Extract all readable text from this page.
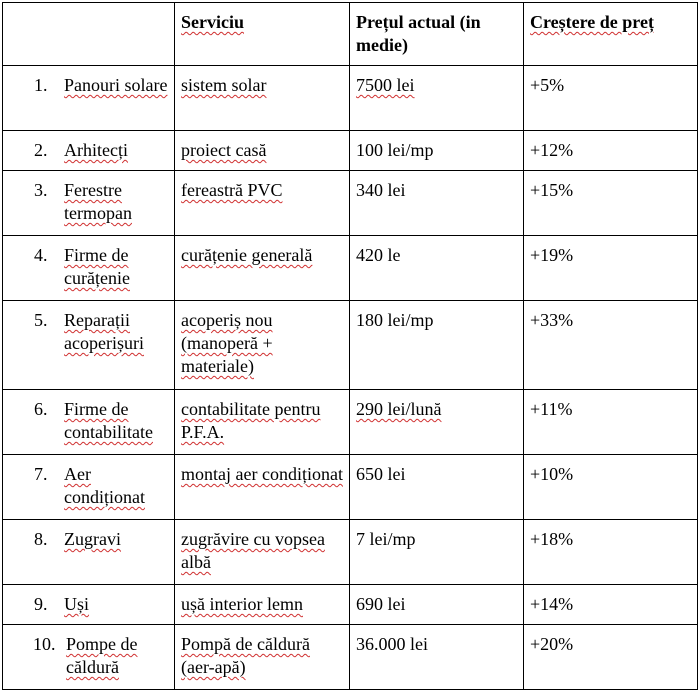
	Serviciu	Prețul actual (in medie)	Creștere de preț

1. Panouri solare	sistem solar	7500 lei	+5%

2. Arhitecți	proiect casă	100 lei/mp	+12%

3. Ferestre termopan	fereastră PVC	340 lei	+15%

4. Firme de curățenie	curățenie generală	420 le	+19%

5. Reparații acoperișuri	acoperiș nou (manoperă + materiale)	180 lei/mp	+33%

6. Firme de contabilitate	contabilitate pentru P.F.A.	290 lei/lună	+11%

7. Aer condiționat	montaj aer condiționat	650 lei	+10%

8. Zugravi	zugrăvire cu vopsea albă	7 lei/mp	+18%

9. Uși	ușă interior lemn	690 lei	+14%

10. Pompe de căldură	Pompă de căldură (aer-apă)	36.000 lei	+20%
